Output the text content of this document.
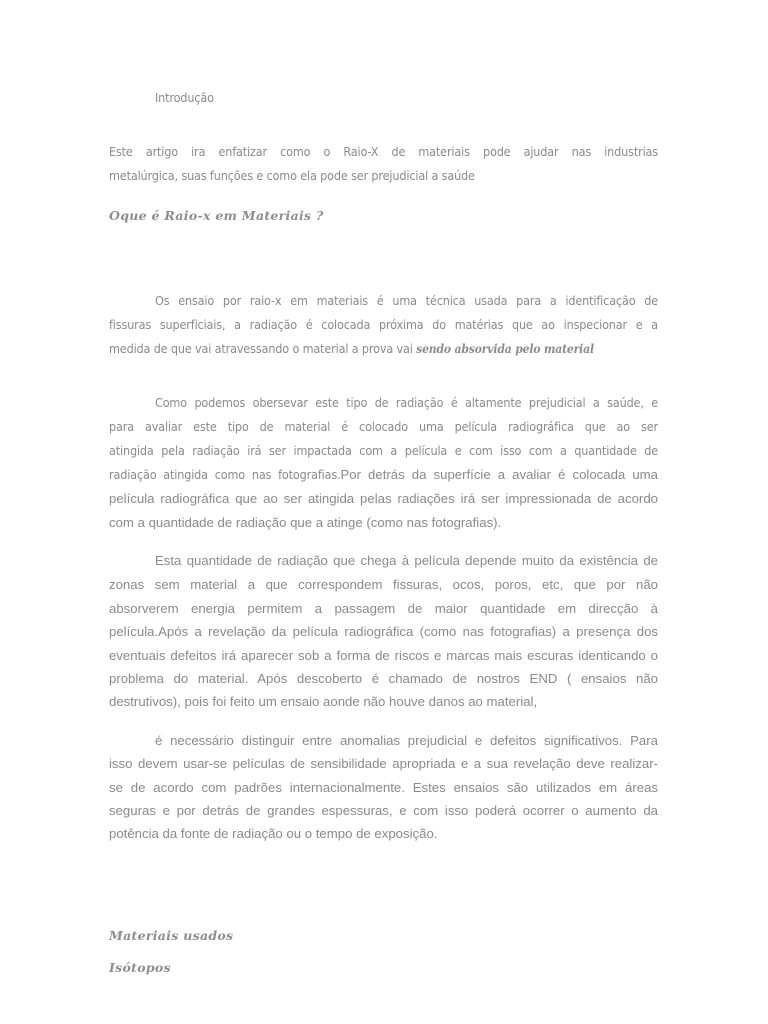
Introdução
Este artigo ira enfatizar como o Raio-X de materiais pode ajudar nas industrias
metalúrgica, suas funções e como ela pode ser prejudicial a saúde
Oque é Raio-x em Materiais ?
Os ensaio por raio-x em materiais é uma técnica usada para a identificação de
fissuras superficiais, a radiação é colocada próxima do matérias que ao inspecionar e a
medida de que vai atravessando o material a prova vai sendo absorvida pelo material
Como podemos obersevar este tipo de radiação é altamente prejudicial a saúde, e
para avaliar este tipo de material é colocado uma película radiográfica que ao ser
atingida pela radiação irá ser impactada com a película e com isso com a quantidade de
radiação atingida como nas fotografias.Por detrás da superfície a avaliar é colocada uma
película radiográfica que ao ser atingida pelas radiações irá ser impressionada de acordo
com a quantidade de radiação que a atinge (como nas fotografias).
Esta quantidade de radiação que chega à película depende muito da existência de
zonas sem material a que correspondem fissuras, ocos, poros, etc, que por não
absorverem energia permitem a passagem de maior quantidade em direcção à
película.Após a revelação da película radiográfica (como nas fotografias) a presença dos
eventuais defeitos irá aparecer sob a forma de riscos e marcas mais escuras identicando o
problema do material. Após descoberto é chamado de nostros END ( ensaios não
destrutivos), pois foi feito um ensaio aonde não houve danos ao material,
é necessário distinguir entre anomalias prejudicial e defeitos significativos. Para
isso devem usar-se películas de sensibilidade apropriada e a sua revelação deve realizar-
se de acordo com padrões internacionalmente. Estes ensaios são utilizados em áreas
seguras e por detrás de grandes espessuras, e com isso poderá ocorrer o aumento da
potência da fonte de radiação ou o tempo de exposição.
Materiais usados
Isótopos
